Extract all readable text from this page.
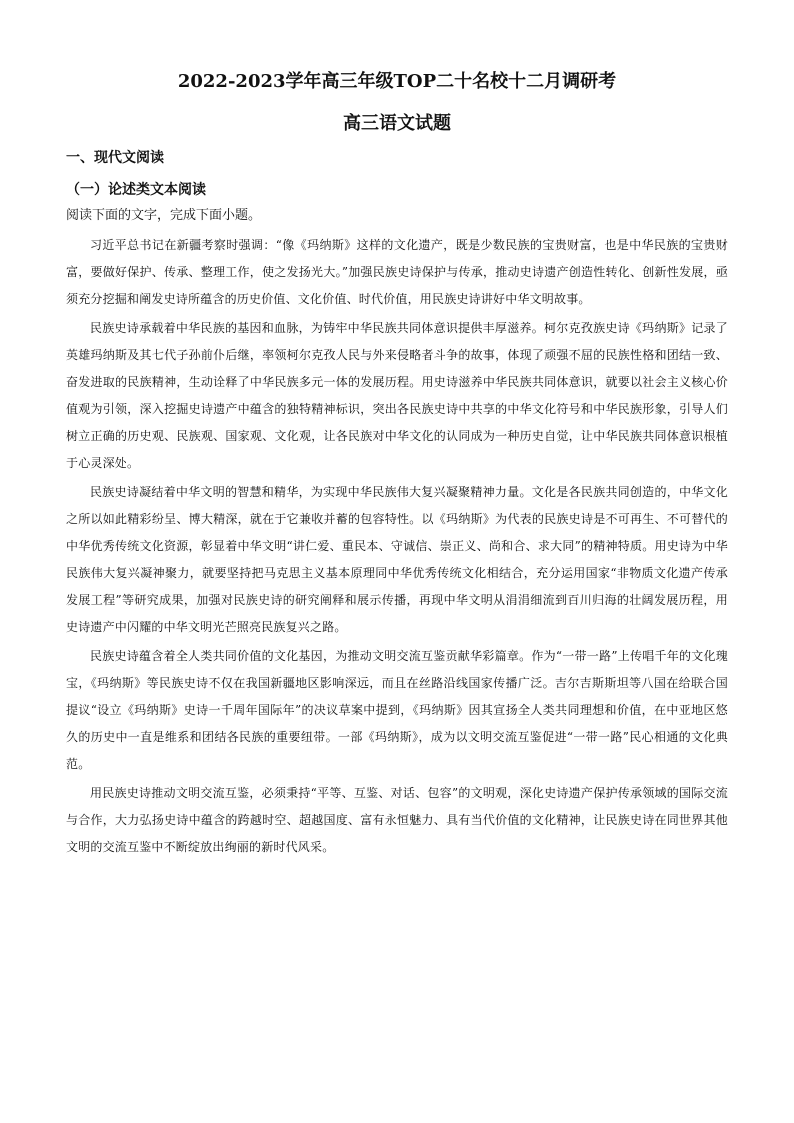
2022-2023学年高三年级TOP二十名校十二月调研考
高三语文试题
一、现代文阅读
（一）论述类文本阅读
阅读下面的文字，完成下面小题。

习近平总书记在新疆考察时强调：“像《玛纳斯》这样的文化遗产，既是少数民族的宝贵财富，也是中华民族的宝贵财富，要做好保护、传承、整理工作，使之发扬光大。”加强民族史诗保护与传承，推动史诗遗产创造性转化、创新性发展，亟须充分挖掘和阐发史诗所蕴含的历史价值、文化价值、时代价值，用民族史诗讲好中华文明故事。

民族史诗承载着中华民族的基因和血脉，为铸牢中华民族共同体意识提供丰厚滋养。柯尔克孜族史诗《玛纳斯》记录了英雄玛纳斯及其七代子孙前仆后继，率领柯尔克孜人民与外来侵略者斗争的故事，体现了顽强不屈的民族性格和团结一致、奋发进取的民族精神，生动诠释了中华民族多元一体的发展历程。用史诗滋养中华民族共同体意识，就要以社会主义核心价值观为引领，深入挖掘史诗遗产中蕴含的独特精神标识，突出各民族史诗中共享的中华文化符号和中华民族形象，引导人们树立正确的历史观、民族观、国家观、文化观，让各民族对中华文化的认同成为一种历史自觉，让中华民族共同体意识根植于心灵深处。

民族史诗凝结着中华文明的智慧和精华，为实现中华民族伟大复兴凝聚精神力量。文化是各民族共同创造的，中华文化之所以如此精彩纷呈、博大精深，就在于它兼收并蓄的包容特性。以《玛纳斯》为代表的民族史诗是不可再生、不可替代的中华优秀传统文化资源，彰显着中华文明“讲仁爱、重民本、守诚信、崇正义、尚和合、求大同”的精神特质。用史诗为中华民族伟大复兴凝神聚力，就要坚持把马克思主义基本原理同中华优秀传统文化相结合，充分运用国家“非物质文化遗产传承发展工程”等研究成果，加强对民族史诗的研究阐释和展示传播，再现中华文明从涓涓细流到百川归海的壮阔发展历程，用史诗遗产中闪耀的中华文明光芒照亮民族复兴之路。

民族史诗蕴含着全人类共同价值的文化基因，为推动文明交流互鉴贡献华彩篇章。作为“一带一路”上传唱千年的文化瑰宝，《玛纳斯》等民族史诗不仅在我国新疆地区影响深远，而且在丝路沿线国家传播广泛。吉尔吉斯斯坦等八国在给联合国提议“设立《玛纳斯》史诗一千周年国际年”的决议草案中提到，《玛纳斯》因其宣扬全人类共同理想和价值，在中亚地区悠久的历史中一直是维系和团结各民族的重要纽带。一部《玛纳斯》，成为以文明交流互鉴促进“一带一路”民心相通的文化典范。

用民族史诗推动文明交流互鉴，必须秉持“平等、互鉴、对话、包容”的文明观，深化史诗遗产保护传承领域的国际交流与合作，大力弘扬史诗中蕴含的跨越时空、超越国度、富有永恒魅力、具有当代价值的文化精神，让民族史诗在同世界其他文明的交流互鉴中不断绽放出绚丽的新时代风采。
